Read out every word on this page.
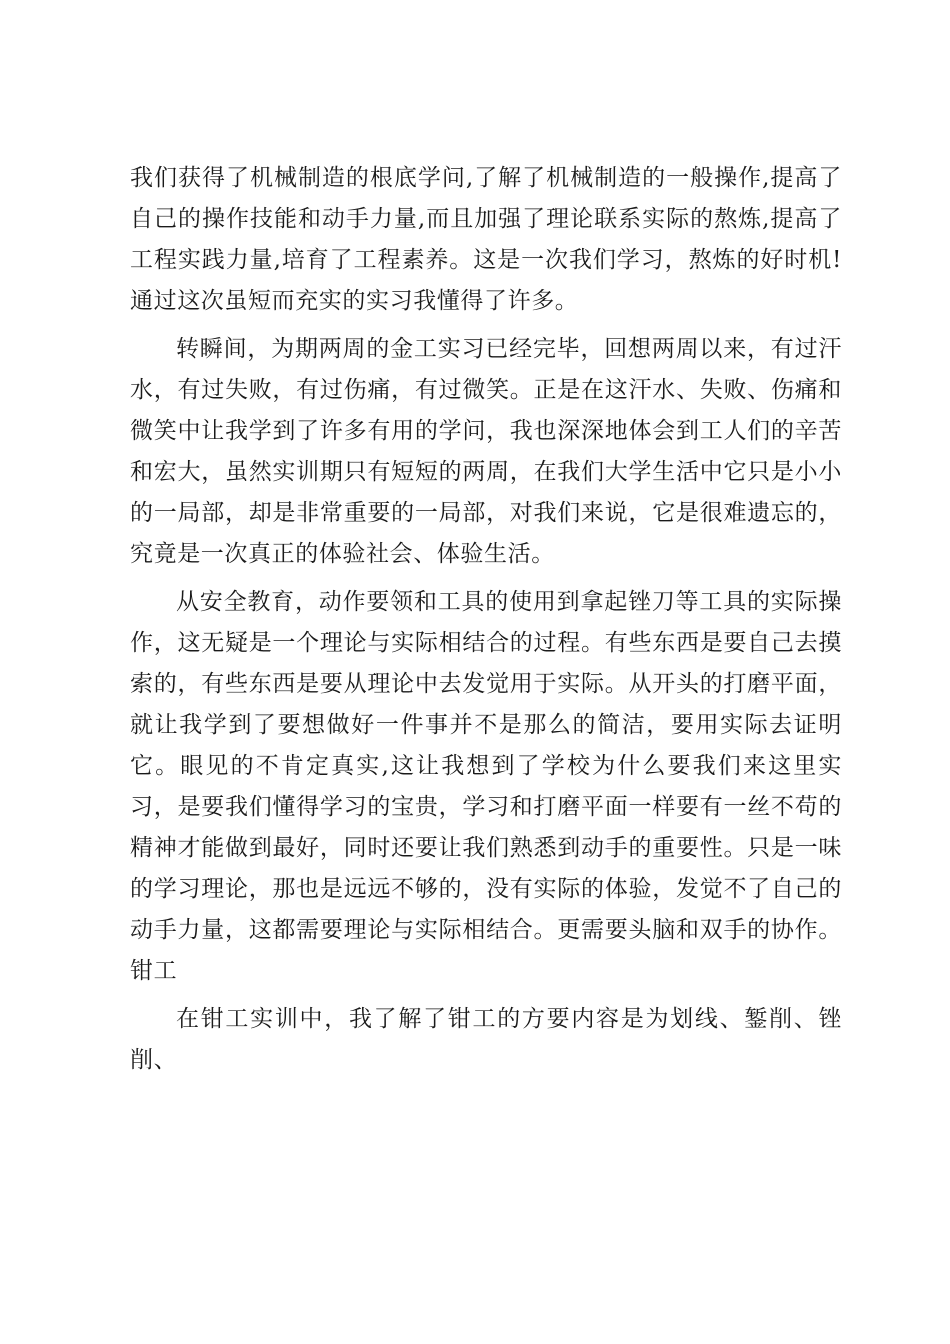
我们获得了机械制造的根底学问,了解了机械制造的一般操作,提高了自己的操作技能和动手力量,而且加强了理论联系实际的熬炼,提高了工程实践力量,培育了工程素养。这是一次我们学习，熬炼的好时机!通过这次虽短而充实的实习我懂得了许多。

转瞬间，为期两周的金工实习已经完毕，回想两周以来，有过汗水，有过失败，有过伤痛，有过微笑。正是在这汗水、失败、伤痛和微笑中让我学到了许多有用的学问，我也深深地体会到工人们的辛苦和宏大，虽然实训期只有短短的两周，在我们大学生活中它只是小小的一局部，却是非常重要的一局部，对我们来说，它是很难遗忘的，究竟是一次真正的体验社会、体验生活。

从安全教育，动作要领和工具的使用到拿起锉刀等工具的实际操作，这无疑是一个理论与实际相结合的过程。有些东西是要自己去摸索的，有些东西是要从理论中去发觉用于实际。从开头的打磨平面，就让我学到了要想做好一件事并不是那么的简洁，要用实际去证明它。眼见的不肯定真实,这让我想到了学校为什么要我们来这里实习，是要我们懂得学习的宝贵，学习和打磨平面一样要有一丝不苟的精神才能做到最好，同时还要让我们熟悉到动手的重要性。只是一味的学习理论，那也是远远不够的，没有实际的体验，发觉不了自己的动手力量，这都需要理论与实际相结合。更需要头脑和双手的协作。 钳工

在钳工实训中，我了解了钳工的方要内容是为划线、錾削、锉削、
